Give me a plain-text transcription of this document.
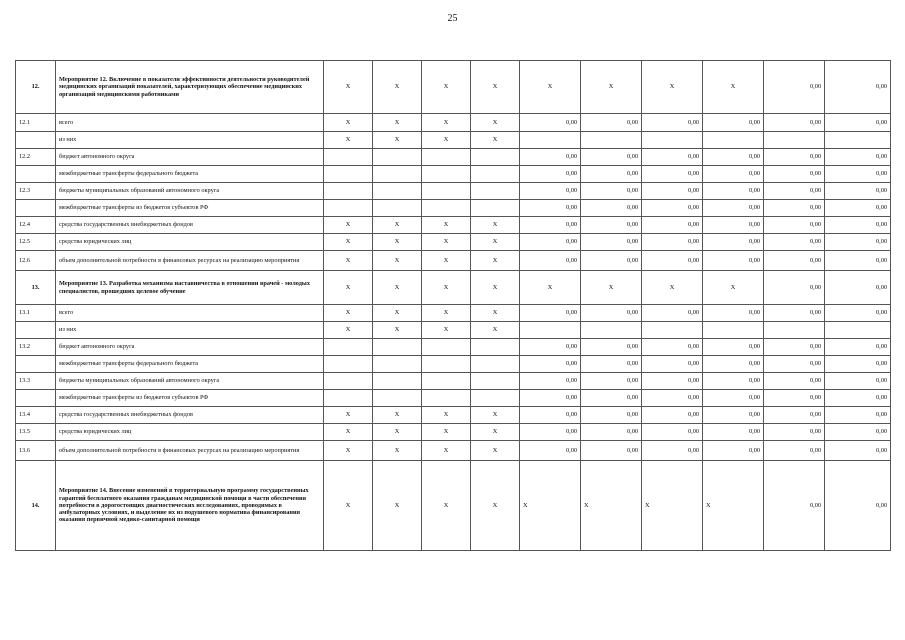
25
12.	Мероприятие 12. Включение в показатели эффективности деятельности руководителей медицинских организаций показателей, характеризующих обеспечение медицинских организаций медицинскими работниками	Х	Х	Х	Х	Х	Х	Х	Х	0,00	0,00
12.1	всего	Х	Х	Х	Х	0,00	0,00	0,00	0,00	0,00	0,00
	из них	Х	Х	Х	Х						
12.2	бюджет автономного округа					0,00	0,00	0,00	0,00	0,00	0,00
	межбюджетные трансферты федерального бюджета					0,00	0,00	0,00	0,00	0,00	0,00
12.3	бюджеты муниципальных образований автономного округа					0,00	0,00	0,00	0,00	0,00	0,00
	межбюджетные трансферты из бюджетов субъектов РФ					0,00	0,00	0,00	0,00	0,00	0,00
12.4	средства государственных внебюджетных фондов	Х	Х	Х	Х	0,00	0,00	0,00	0,00	0,00	0,00
12.5	средства юридических лиц	Х	Х	Х	Х	0,00	0,00	0,00	0,00	0,00	0,00
12.6	объем дополнительной потребности в финансовых ресурсах на реализацию мероприятия	Х	Х	Х	Х	0,00	0,00	0,00	0,00	0,00	0,00
13.	Мероприятие 13. Разработка механизма наставничества в отношении врачей - молодых специалистов, прошедших целевое обучение	Х	Х	Х	Х	Х	Х	Х	Х	0,00	0,00
13.1	всего	Х	Х	Х	Х	0,00	0,00	0,00	0,00	0,00	0,00
	из них	Х	Х	Х	Х						
13.2	бюджет автономного округа					0,00	0,00	0,00	0,00	0,00	0,00
	межбюджетные трансферты федерального бюджета					0,00	0,00	0,00	0,00	0,00	0,00
13.3	бюджеты муниципальных образований автономного округа					0,00	0,00	0,00	0,00	0,00	0,00
	межбюджетные трансферты из бюджетов субъектов РФ					0,00	0,00	0,00	0,00	0,00	0,00
13.4	средства государственных внебюджетных фондов	Х	Х	Х	Х	0,00	0,00	0,00	0,00	0,00	0,00
13.5	средства юридических лиц	Х	Х	Х	Х	0,00	0,00	0,00	0,00	0,00	0,00
13.6	объем дополнительной потребности в финансовых ресурсах на реализацию мероприятия	Х	Х	Х	Х	0,00	0,00	0,00	0,00	0,00	0,00
14.	Мероприятие 14. Внесение изменений в территориальную программу государственных гарантий бесплатного оказания гражданам медицинской помощи в части обеспечения потребности в дорогостоящих диагностических исследованиях, проводимых в амбулаторных условиях, и выделение их из подушевого норматива финансирования оказания первичной медико-санитарной помощи	Х	Х	Х	Х	Х	Х	Х	Х	0,00	0,00
